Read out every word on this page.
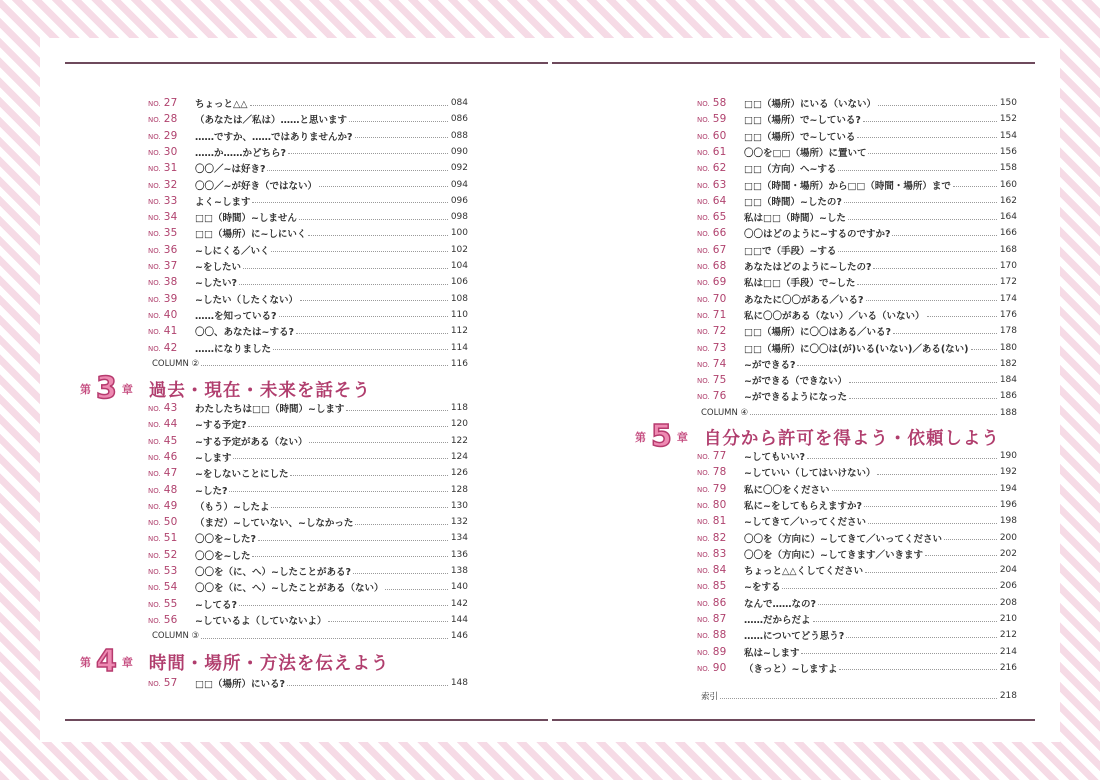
NO. 27	ちょっと△△	084
NO. 28	（あなたは／私は）……と思います	086
NO. 29	……ですか、……ではありませんか?	088
NO. 30	……か……かどちら?	090
NO. 31	〇〇／~は好き?	092
NO. 32	〇〇／~が好き（ではない）	094
NO. 33	よく~します	096
NO. 34	□□（時間）~しません	098
NO. 35	□□（場所）に~しにいく	100
NO. 36	~しにくる／いく	102
NO. 37	~をしたい	104
NO. 38	~したい?	106
NO. 39	~したい（したくない）	108
NO. 40	……を知っている?	110
NO. 41	〇〇、あなたは~する?	112
NO. 42	……になりました	114
COLUMN ②	116
第 3 章 過去・現在・未来を話そう
NO. 43	わたしたちは□□（時間）~します	118
NO. 44	~する予定?	120
NO. 45	~する予定がある（ない）	122
NO. 46	~します	124
NO. 47	~をしないことにした	126
NO. 48	~した?	128
NO. 49	（もう）~したよ	130
NO. 50	（まだ）~していない、~しなかった	132
NO. 51	〇〇を~した?	134
NO. 52	〇〇を~した	136
NO. 53	〇〇を（に、へ）~したことがある?	138
NO. 54	〇〇を（に、へ）~したことがある（ない）	140
NO. 55	~してる?	142
NO. 56	~しているよ（していないよ）	144
COLUMN ③	146
第 4 章 時間・場所・方法を伝えよう
NO. 57	□□（場所）にいる?	148
NO. 58	□□（場所）にいる（いない）	150
NO. 59	□□（場所）で~している?	152
NO. 60	□□（場所）で~している	154
NO. 61	〇〇を□□（場所）に置いて	156
NO. 62	□□（方向）へ~する	158
NO. 63	□□（時間・場所）から□□（時間・場所）まで	160
NO. 64	□□（時間）~したの?	162
NO. 65	私は□□（時間）~した	164
NO. 66	〇〇はどのように~するのですか?	166
NO. 67	□□で（手段）~する	168
NO. 68	あなたはどのように~したの?	170
NO. 69	私は□□（手段）で~した	172
NO. 70	あなたに〇〇がある／いる?	174
NO. 71	私に〇〇がある（ない）／いる（いない）	176
NO. 72	□□（場所）に〇〇はある／いる?	178
NO. 73	□□（場所）に〇〇は(が)いる(いない)／ある(ない)	180
NO. 74	~ができる?	182
NO. 75	~ができる（できない）	184
NO. 76	~ができるようになった	186
COLUMN ④	188
第 5 章 自分から許可を得よう・依頼しよう
NO. 77	~してもいい?	190
NO. 78	~していい（してはいけない）	192
NO. 79	私に〇〇をください	194
NO. 80	私に~をしてもらえますか?	196
NO. 81	~してきて／いってください	198
NO. 82	〇〇を（方向に）~してきて／いってください	200
NO. 83	〇〇を（方向に）~してきます／いきます	202
NO. 84	ちょっと△△くしてください	204
NO. 85	~をする	206
NO. 86	なんで……なの?	208
NO. 87	……だからだよ	210
NO. 88	……についてどう思う?	212
NO. 89	私は~します	214
NO. 90	（きっと）~しますよ	216
索引	218
